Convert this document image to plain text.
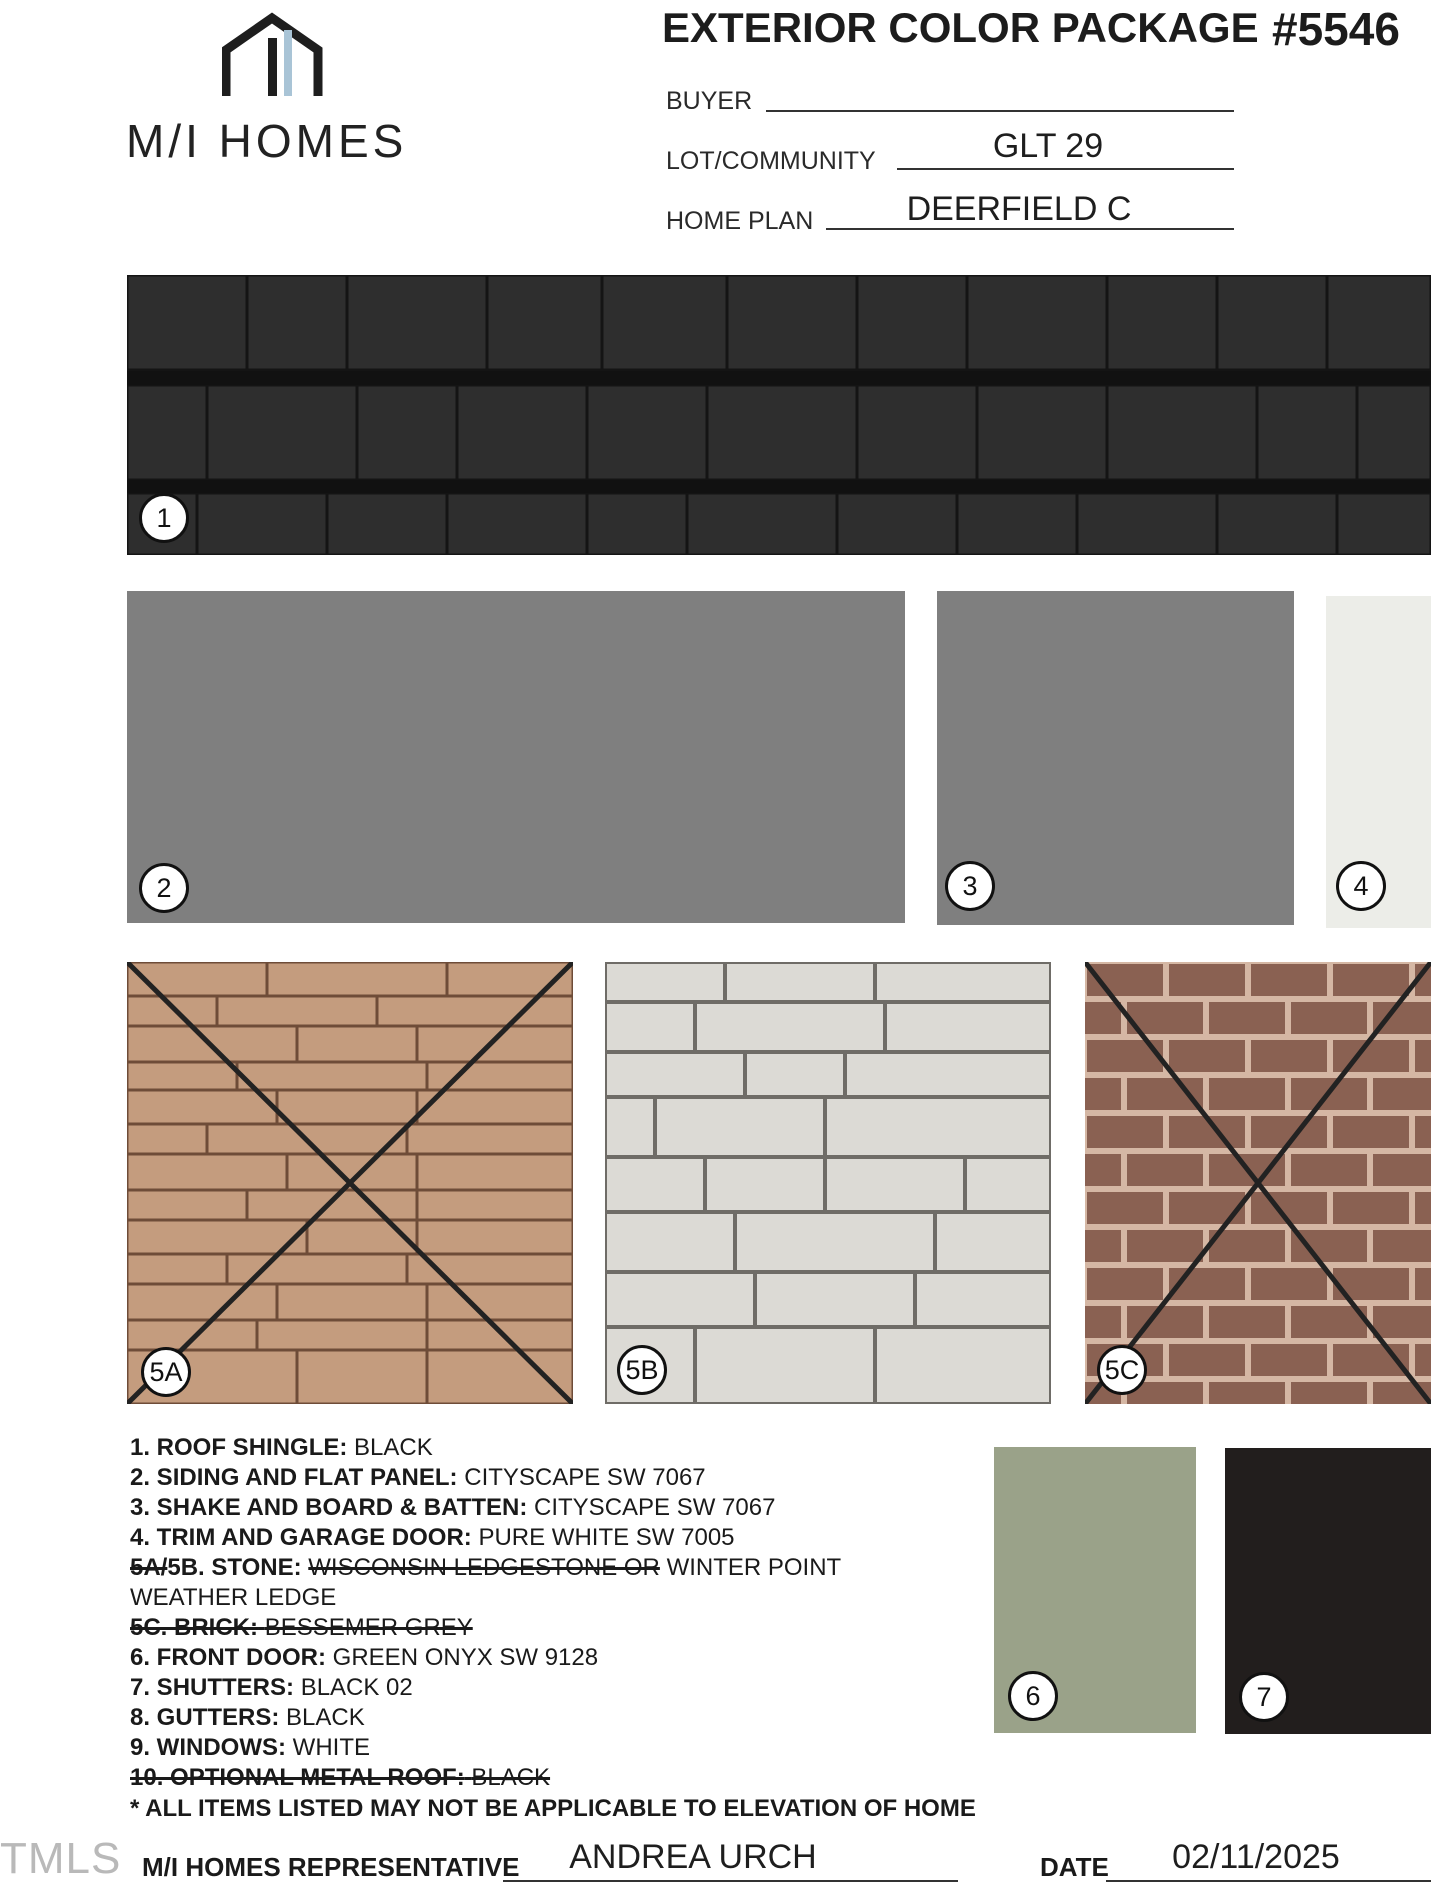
M/I HOMES
EXTERIOR COLOR PACKAGE #5546
BUYER
LOT/COMMUNITY	GLT 29
HOME PLAN	DEERFIELD C
1
2	3	4
5A	5B	5C
1. ROOF SHINGLE: BLACK
2. SIDING AND FLAT PANEL: CITYSCAPE SW 7067
3. SHAKE AND BOARD & BATTEN: CITYSCAPE SW 7067
4. TRIM AND GARAGE DOOR: PURE WHITE SW 7005
5A/5B. STONE: WISCONSIN LEDGESTONE OR WINTER POINT
WEATHER LEDGE
5C. BRICK: BESSEMER GREY
6. FRONT DOOR: GREEN ONYX SW 9128
7. SHUTTERS: BLACK 02
8. GUTTERS: BLACK
9. WINDOWS: WHITE
10. OPTIONAL METAL ROOF: BLACK
* ALL ITEMS LISTED MAY NOT BE APPLICABLE TO ELEVATION OF HOME
6	7
TMLS M/I HOMES REPRESENTATIVE	ANDREA URCH	DATE	02/11/2025
